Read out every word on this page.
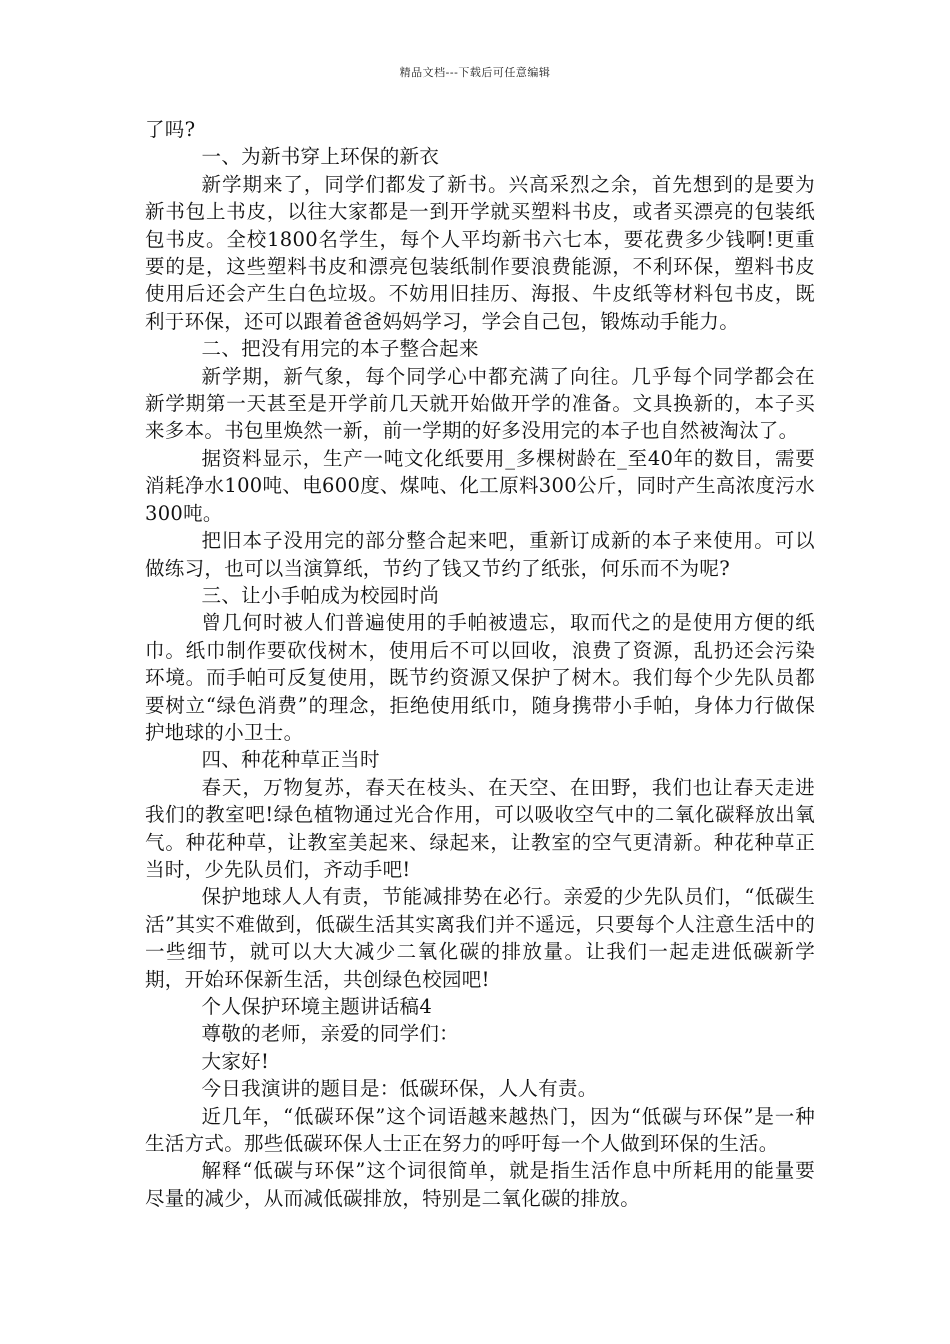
精品文档---下载后可任意编辑

了吗?

一、为新书穿上环保的新衣

新学期来了，同学们都发了新书。兴高采烈之余，首先想到的是要为新书包上书皮，以往大家都是一到开学就买塑料书皮，或者买漂亮的包装纸包书皮。全校1800名学生，每个人平均新书六七本，要花费多少钱啊!更重要的是，这些塑料书皮和漂亮包装纸制作要浪费能源，不利环保，塑料书皮使用后还会产生白色垃圾。不妨用旧挂历、海报、牛皮纸等材料包书皮，既利于环保，还可以跟着爸爸妈妈学习，学会自己包，锻炼动手能力。

二、把没有用完的本子整合起来

新学期，新气象，每个同学心中都充满了向往。几乎每个同学都会在新学期第一天甚至是开学前几天就开始做开学的准备。文具换新的，本子买来多本。书包里焕然一新，前一学期的好多没用完的本子也自然被淘汰了。

据资料显示，生产一吨文化纸要用_多棵树龄在_至40年的数目，需要消耗净水100吨、电600度、煤吨、化工原料300公斤，同时产生高浓度污水300吨。

把旧本子没用完的部分整合起来吧，重新订成新的本子来使用。可以做练习，也可以当演算纸，节约了钱又节约了纸张，何乐而不为呢?

三、让小手帕成为校园时尚

曾几何时被人们普遍使用的手帕被遗忘，取而代之的是使用方便的纸巾。纸巾制作要砍伐树木，使用后不可以回收，浪费了资源，乱扔还会污染环境。而手帕可反复使用，既节约资源又保护了树木。我们每个少先队员都要树立“绿色消费”的理念，拒绝使用纸巾，随身携带小手帕，身体力行做保护地球的小卫士。

四、种花种草正当时

春天，万物复苏，春天在枝头、在天空、在田野，我们也让春天走进我们的教室吧!绿色植物通过光合作用，可以吸收空气中的二氧化碳释放出氧气。种花种草，让教室美起来、绿起来，让教室的空气更清新。种花种草正当时，少先队员们，齐动手吧!

保护地球人人有责，节能减排势在必行。亲爱的少先队员们，“低碳生活”其实不难做到，低碳生活其实离我们并不遥远，只要每个人注意生活中的一些细节，就可以大大减少二氧化碳的排放量。让我们一起走进低碳新学期，开始环保新生活，共创绿色校园吧!

个人保护环境主题讲话稿4

尊敬的老师，亲爱的同学们：

大家好!

今日我演讲的题目是：低碳环保，人人有责。

近几年，“低碳环保”这个词语越来越热门，因为“低碳与环保”是一种生活方式。那些低碳环保人士正在努力的呼吁每一个人做到环保的生活。

解释“低碳与环保”这个词很简单，就是指生活作息中所耗用的能量要尽量的减少，从而减低碳排放，特别是二氧化碳的排放。
